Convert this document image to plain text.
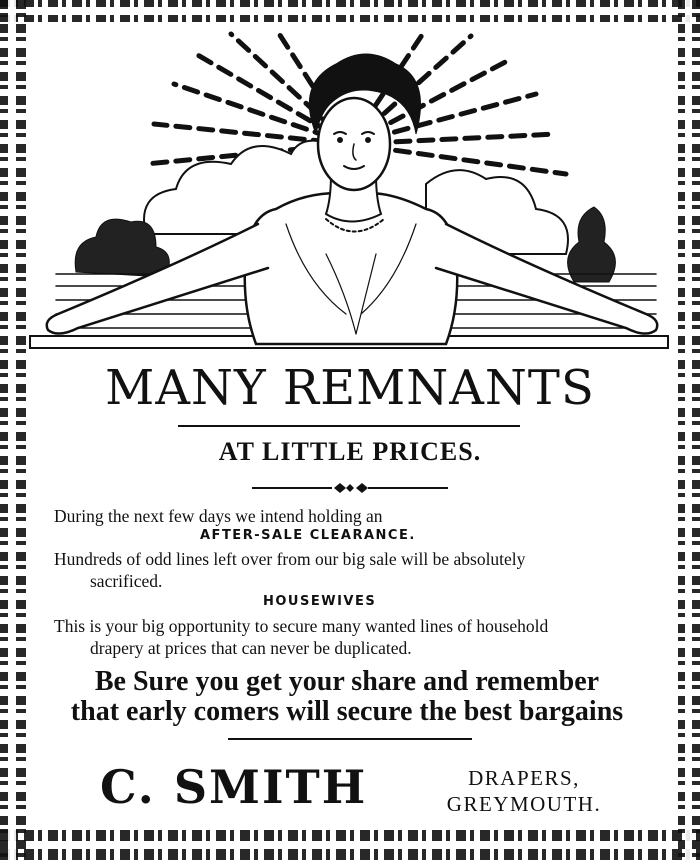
MANY REMNANTS
AT LITTLE PRICES.

During the next few days we intend holding an

AFTER-SALE CLEARANCE.

Hundreds of odd lines left over from our big sale will be absolutely

sacrificed.

HOUSEWIVES

This is your big opportunity to secure many wanted lines of household

drapery at prices that can never be duplicated.

Be Sure you get your share and remember
that early comers will secure the best bargains
C. SMITH	DRAPERS,
GREYMOUTH.
